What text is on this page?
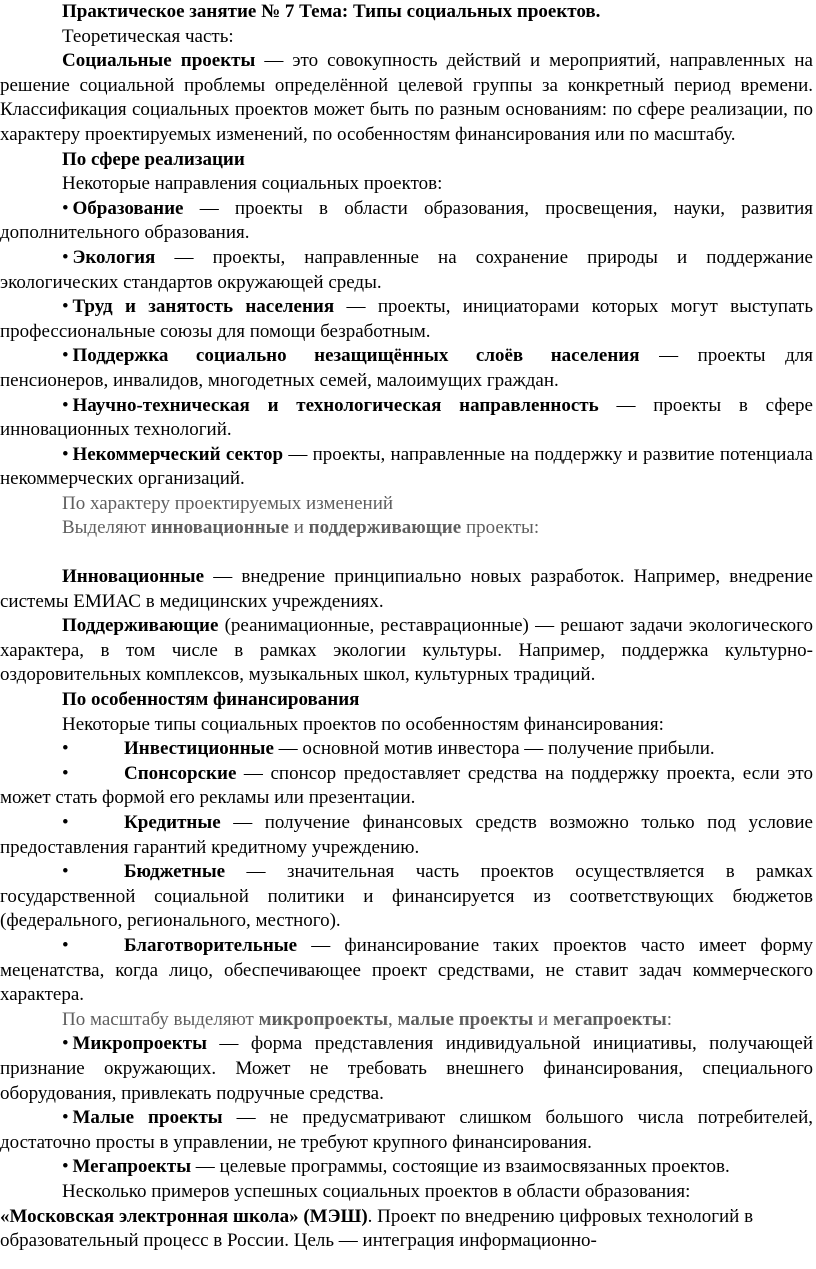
Практическое занятие № 7 Тема: Типы социальных проектов.

Теоретическая часть:

Социальные проекты — это совокупность действий и мероприятий, направленных на решение социальной проблемы определённой целевой группы за конкретный период времени. Классификация социальных проектов может быть по разным основаниям: по сфере реализации, по характеру проектируемых изменений, по особенностям финансирования или по масштабу.

По сфере реализации

Некоторые направления социальных проектов:

•  Образование — проекты в области образования, просвещения, науки, развития дополнительного образования.

•  Экология — проекты, направленные на сохранение природы и поддержание экологических стандартов окружающей среды.

•  Труд и занятость населения — проекты, инициаторами которых могут выступать профессиональные союзы для помощи безработным.

•  Поддержка социально незащищённых слоёв населения — проекты для пенсионеров, инвалидов, многодетных семей, малоимущих граждан.

•  Научно-техническая и технологическая направленность — проекты в сфере инновационных технологий.

•  Некоммерческий сектор — проекты, направленные на поддержку и развитие потенциала некоммерческих организаций.

По характеру проектируемых изменений

Выделяют инновационные и поддерживающие проекты:

Инновационные — внедрение принципиально новых разработок. Например, внедрение системы ЕМИАС в медицинских учреждениях.

Поддерживающие (реанимационные, реставрационные) — решают задачи экологического характера, в том числе в рамках экологии культуры. Например, поддержка культурно-оздоровительных комплексов, музыкальных школ, культурных традиций.

По особенностям финансирования

Некоторые типы социальных проектов по особенностям финансирования:

•	Инвестиционные — основной мотив инвестора — получение прибыли.

•	Спонсорские — спонсор предоставляет средства на поддержку проекта, если это может стать формой его рекламы или презентации.

•	Кредитные — получение финансовых средств возможно только под условие предоставления гарантий кредитному учреждению.

•	Бюджетные — значительная часть проектов осуществляется в рамках государственной социальной политики и финансируется из соответствующих бюджетов (федерального, регионального, местного).

•	Благотворительные — финансирование таких проектов часто имеет форму меценатства, когда лицо, обеспечивающее проект средствами, не ставит задач коммерческого характера.

По масштабу выделяют микропроекты, малые проекты и мегапроекты:

•  Микропроекты — форма представления индивидуальной инициативы, получающей признание окружающих. Может не требовать внешнего финансирования, специального оборудования, привлекать подручные средства.

•  Малые проекты — не предусматривают слишком большого числа потребителей, достаточно просты в управлении, не требуют крупного финансирования.

•  Мегапроекты — целевые программы, состоящие из взаимосвязанных проектов.

Несколько примеров успешных социальных проектов в области образования:

«Московская электронная школа» (МЭШ). Проект по внедрению цифровых технологий в образовательный процесс в России. Цель — интеграция информационно-
